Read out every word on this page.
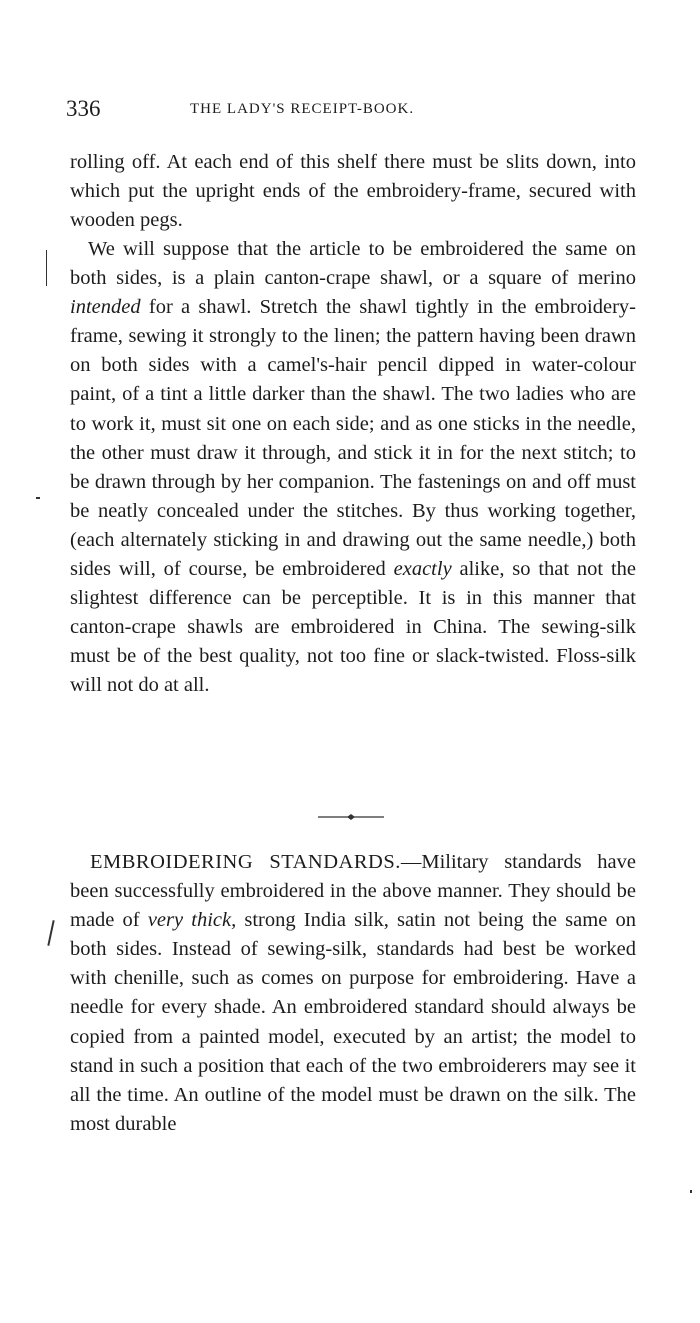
336	THE LADY'S RECEIPT-BOOK.

rolling off. At each end of this shelf there must be slits down, into which put the upright ends of the embroidery-frame, secured with wooden pegs.

We will suppose that the article to be embroidered the same on both sides, is a plain canton-crape shawl, or a square of merino intended for a shawl. Stretch the shawl tightly in the embroidery-frame, sewing it strongly to the linen; the pattern having been drawn on both sides with a camel's-hair pencil dipped in water-colour paint, of a tint a little darker than the shawl. The two ladies who are to work it, must sit one on each side; and as one sticks in the needle, the other must draw it through, and stick it in for the next stitch; to be drawn through by her companion. The fastenings on and off must be neatly concealed under the stitches. By thus working together, (each alternately sticking in and drawing out the same needle,) both sides will, of course, be embroidered exactly alike, so that not the slightest difference can be perceptible. It is in this manner that canton-crape shawls are embroidered in China. The sewing-silk must be of the best quality, not too fine or slack-twisted. Floss-silk will not do at all.

EMBROIDERING STANDARDS.—Military standards have been successfully embroidered in the above manner. They should be made of very thick, strong India silk, satin not being the same on both sides. Instead of sewing-silk, standards had best be worked with chenille, such as comes on purpose for embroidering. Have a needle for every shade. An embroidered standard should always be copied from a painted model, executed by an artist; the model to stand in such a position that each of the two embroiderers may see it all the time. An outline of the model must be drawn on the silk. The most durable
